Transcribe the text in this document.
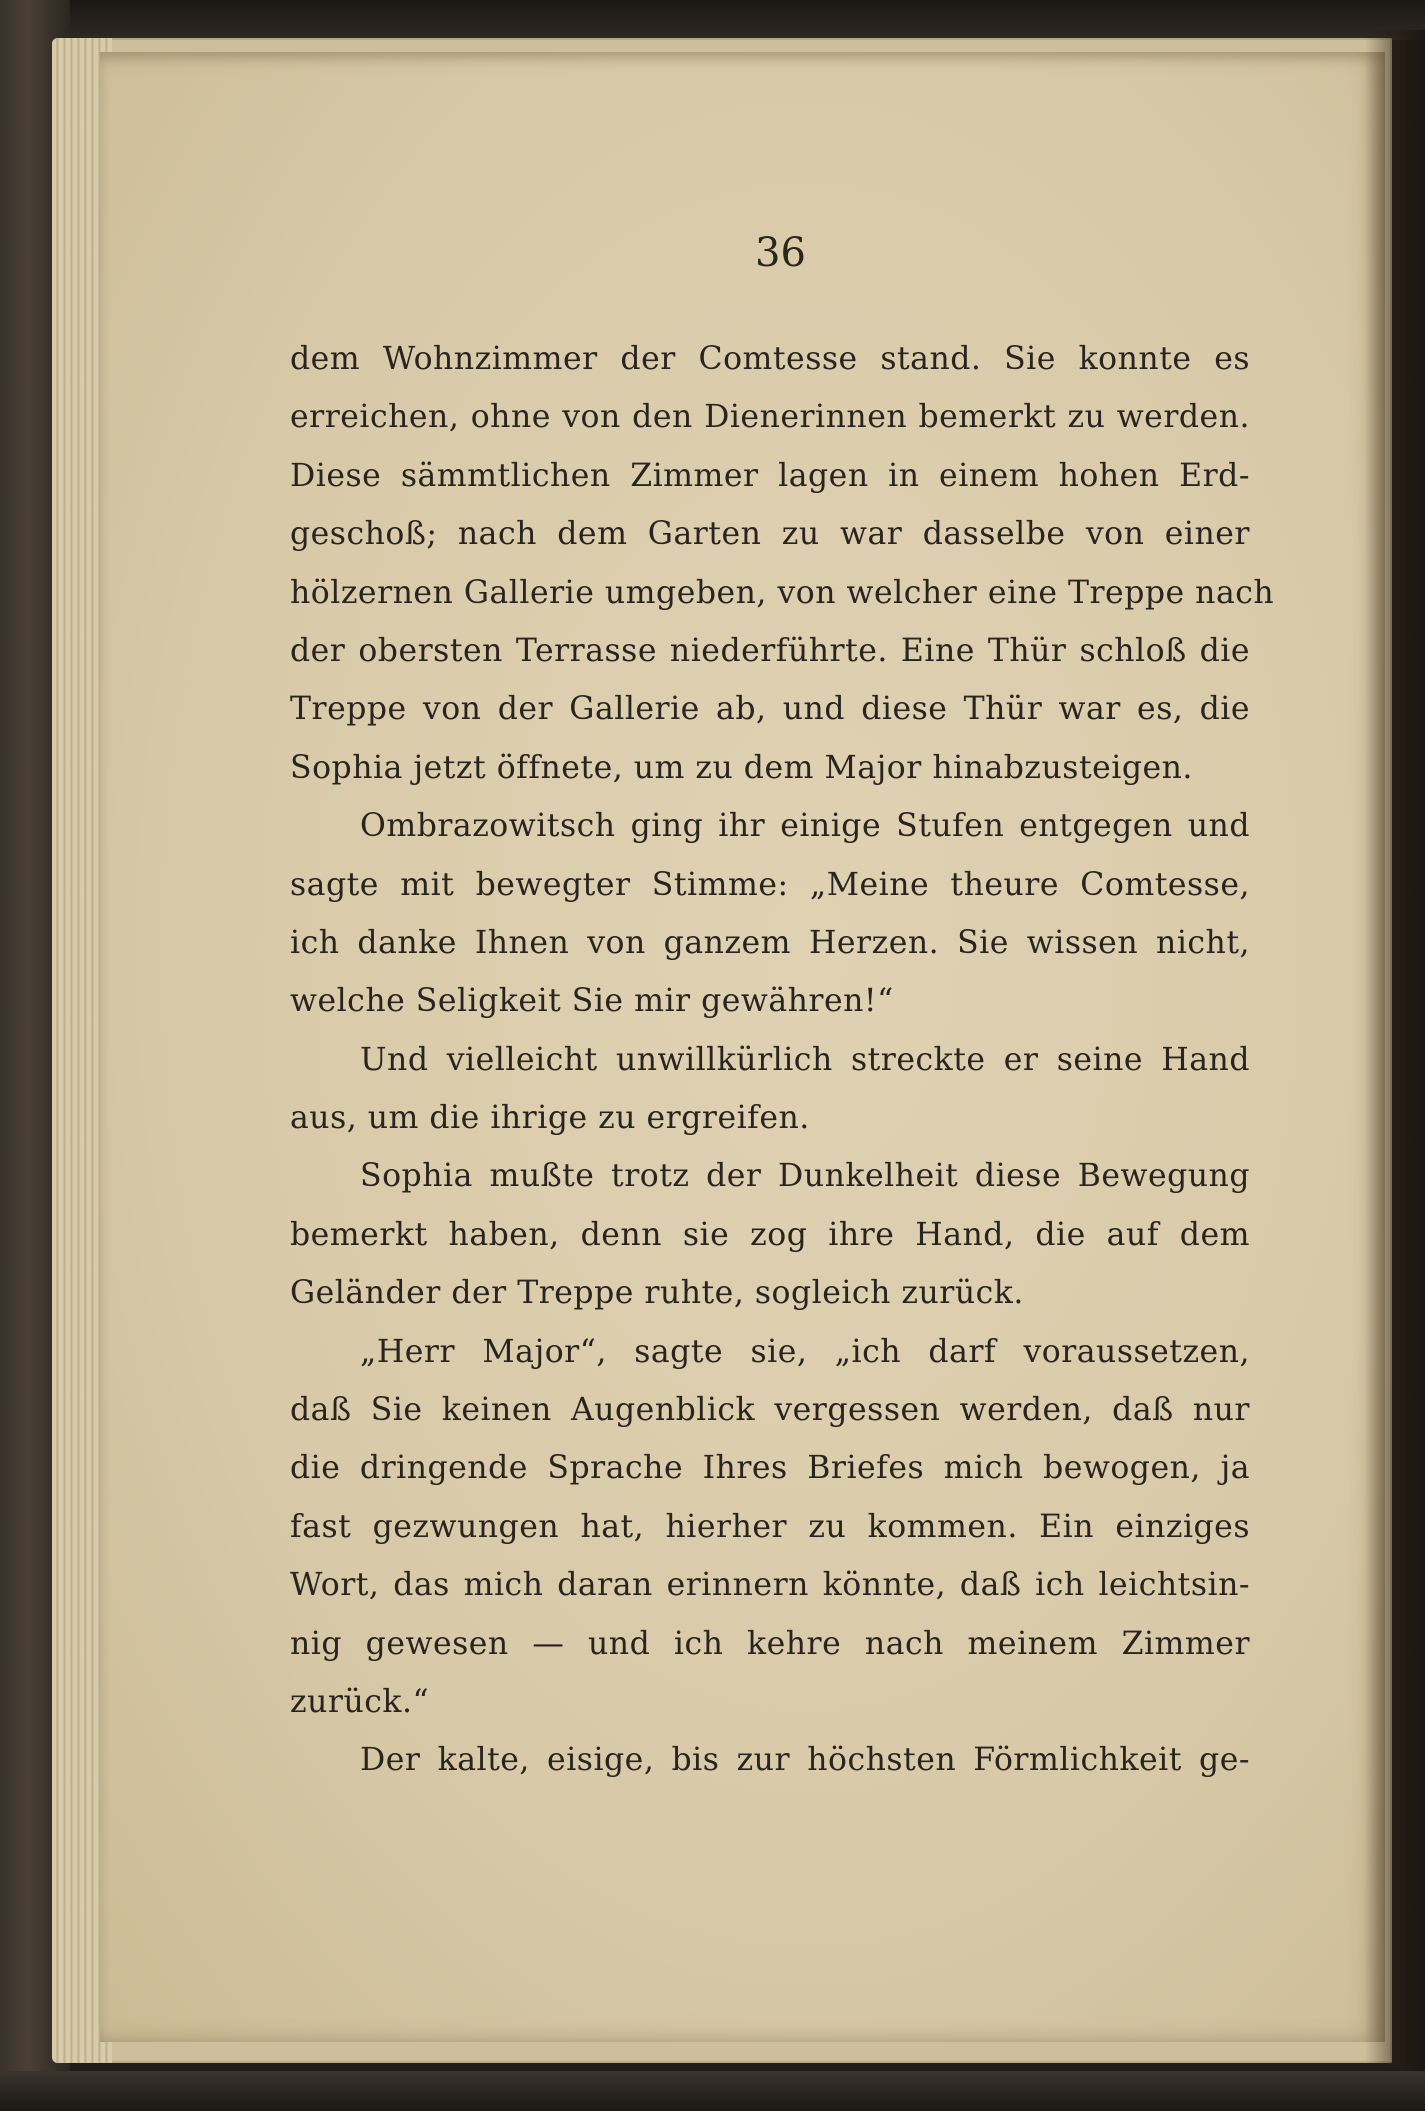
36
dem Wohnzimmer der Comtesse stand. Sie konnte es
erreichen, ohne von den Dienerinnen bemerkt zu werden.
Diese sämmtlichen Zimmer lagen in einem hohen Erd-
geschoß; nach dem Garten zu war dasselbe von einer
hölzernen Gallerie umgeben, von welcher eine Treppe nach
der obersten Terrasse niederführte. Eine Thür schloß die
Treppe von der Gallerie ab, und diese Thür war es, die
Sophia jetzt öffnete, um zu dem Major hinabzusteigen.
Ombrazowitsch ging ihr einige Stufen entgegen und
sagte mit bewegter Stimme: „Meine theure Comtesse,
ich danke Ihnen von ganzem Herzen. Sie wissen nicht,
welche Seligkeit Sie mir gewähren!“
Und vielleicht unwillkürlich streckte er seine Hand
aus, um die ihrige zu ergreifen.
Sophia mußte trotz der Dunkelheit diese Bewegung
bemerkt haben, denn sie zog ihre Hand, die auf dem
Geländer der Treppe ruhte, sogleich zurück.
„Herr Major“, sagte sie, „ich darf voraussetzen,
daß Sie keinen Augenblick vergessen werden, daß nur
die dringende Sprache Ihres Briefes mich bewogen, ja
fast gezwungen hat, hierher zu kommen. Ein einziges
Wort, das mich daran erinnern könnte, daß ich leichtsin-
nig gewesen — und ich kehre nach meinem Zimmer
zurück.“
Der kalte, eisige, bis zur höchsten Förmlichkeit ge-
